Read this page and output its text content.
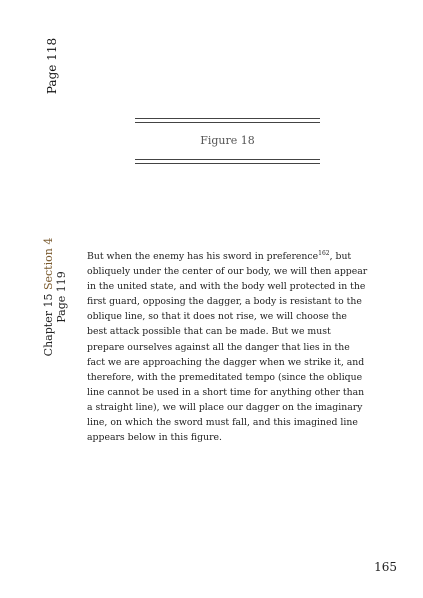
Page 118
Figure 18
Chapter 15 Section 4
Page 119
But when the enemy has his sword in preference$^{162}$, but obliquely under the center of our body, we will then appear in the united state, and with the body well protected in the first guard, opposing the dagger, a body is resistant to the oblique line, so that it does not rise, we will choose the best attack possible that can be made. But we must prepare ourselves against all the danger that lies in the fact we are approaching the dagger when we strike it, and therefore, with the premeditated tempo (since the oblique line cannot be used in a short time for anything other than a straight line), we will place our dagger on the imaginary line, on which the sword must fall, and this imagined line appears below in this figure.
165
